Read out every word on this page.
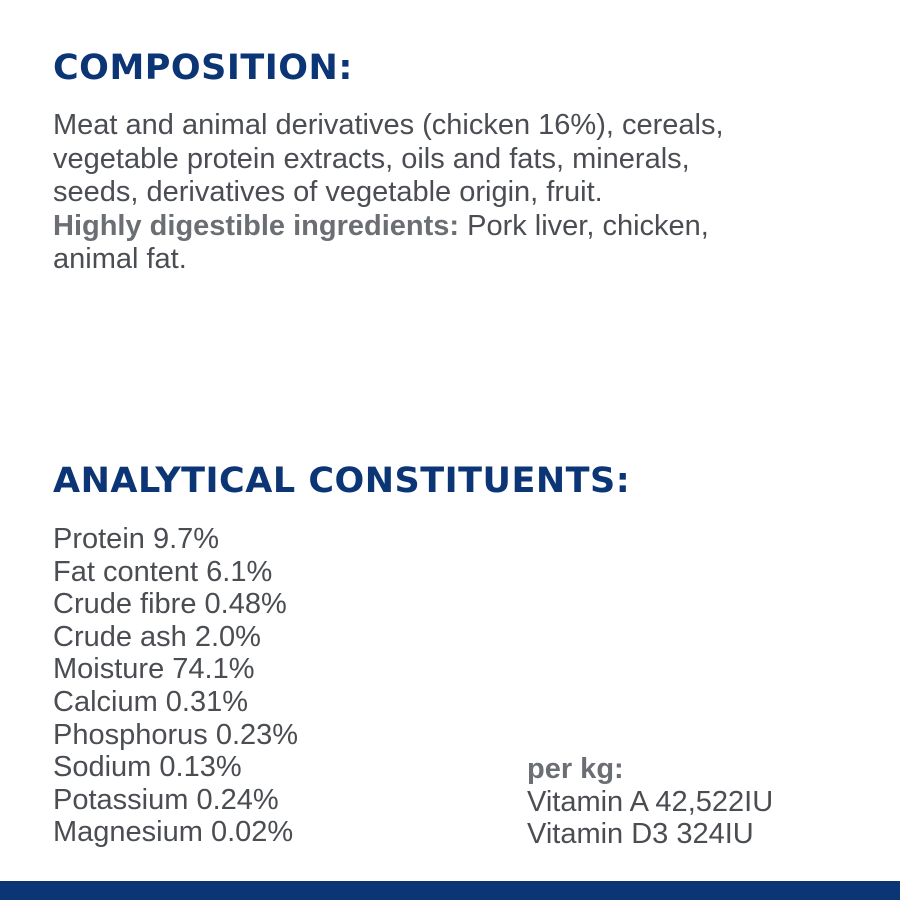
COMPOSITION:

Meat and animal derivatives (chicken 16%), cereals,
vegetable protein extracts, oils and fats, minerals,
seeds, derivatives of vegetable origin, fruit.
Highly digestible ingredients: Pork liver, chicken,
animal fat.

ANALYTICAL CONSTITUENTS:
Protein 9.7%
Fat content 6.1%
Crude fibre 0.48%
Crude ash 2.0%
Moisture 74.1%
Calcium 0.31%
Phosphorus 0.23%
Sodium 0.13%
Potassium 0.24%
Magnesium 0.02%
per kg:
Vitamin A 42,522IU
Vitamin D3 324IU
